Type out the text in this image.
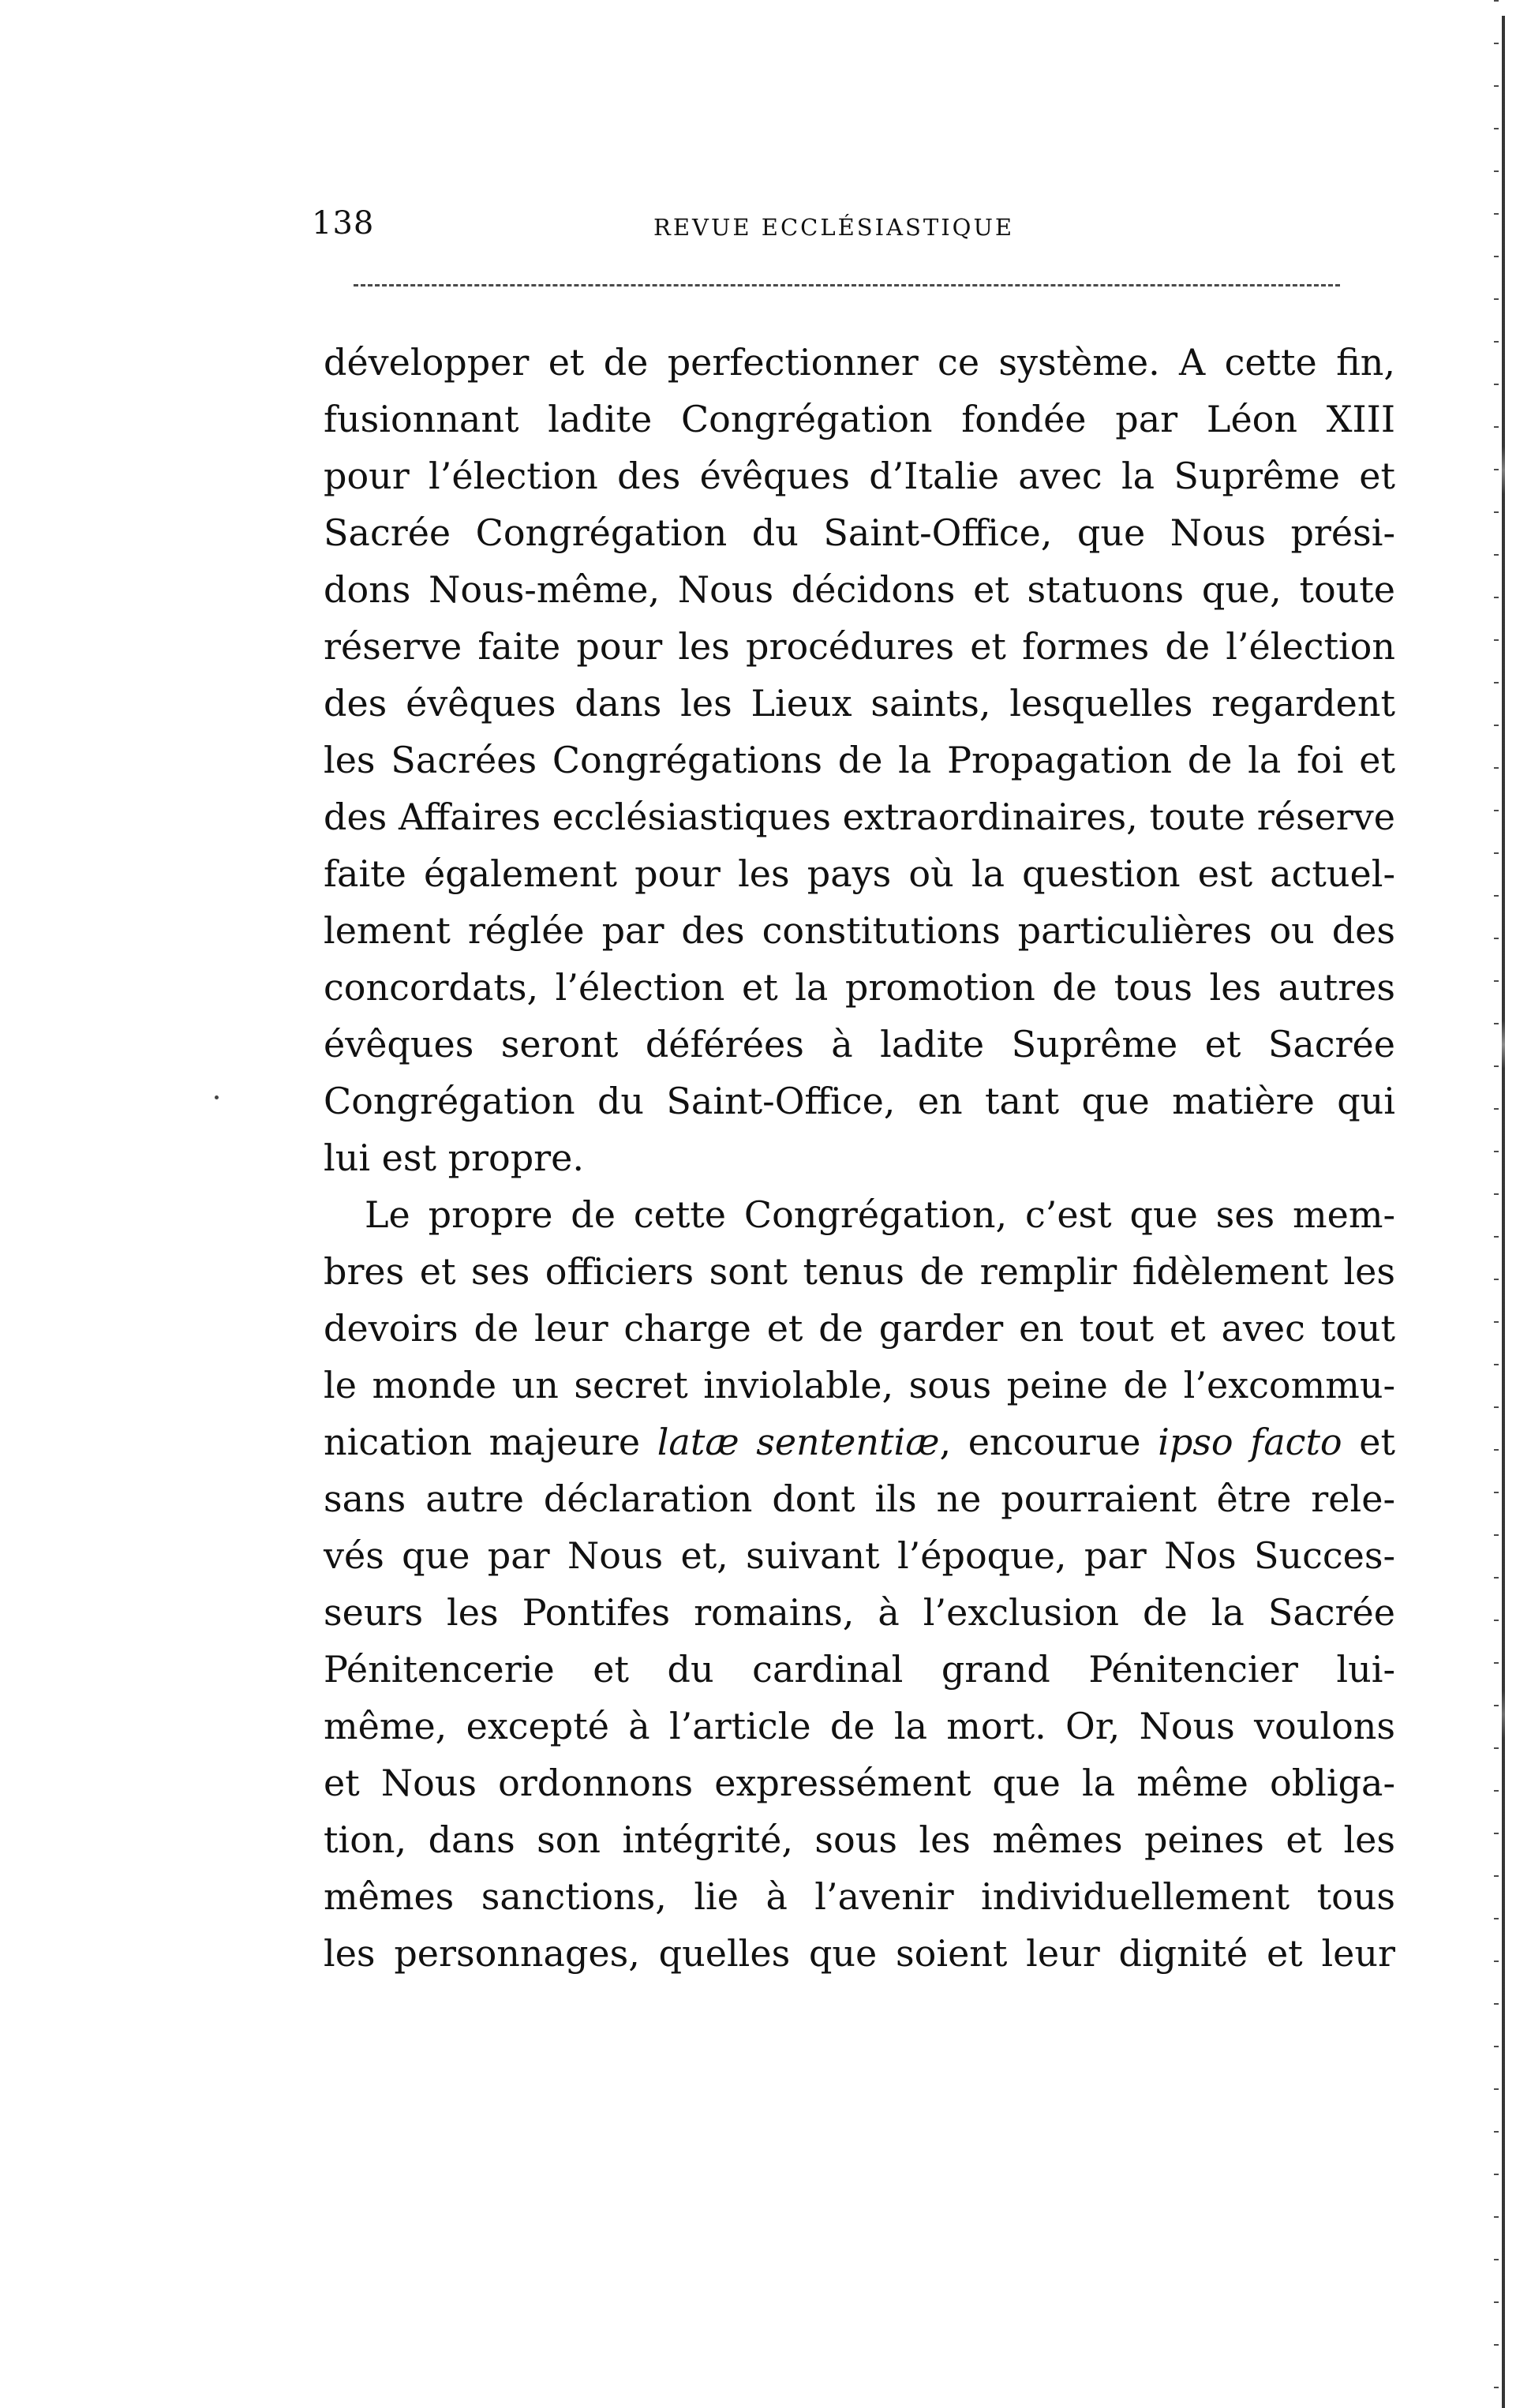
138	REVUE ECCLÉSIASTIQUE
développer et de perfectionner ce système. A cette fin,
fusionnant ladite Congrégation fondée par Léon XIII
pour l’élection des évêques d’Italie avec la Suprême et
Sacrée Congrégation du Saint-Office, que Nous prési-
dons Nous-même, Nous décidons et statuons que, toute
réserve faite pour les procédures et formes de l’élection
des évêques dans les Lieux saints, lesquelles regardent
les Sacrées Congrégations de la Propagation de la foi et
des Affaires ecclésiastiques extraordinaires, toute réserve
faite également pour les pays où la question est actuel-
lement réglée par des constitutions particulières ou des
concordats, l’élection et la promotion de tous les autres
évêques seront déférées à ladite Suprême et Sacrée
Congrégation du Saint-Office, en tant que matière qui
lui est propre.
Le propre de cette Congrégation, c’est que ses mem-
bres et ses officiers sont tenus de remplir fidèlement les
devoirs de leur charge et de garder en tout et avec tout
le monde un secret inviolable, sous peine de l’excommu-
nication majeure latæ sententiæ, encourue ipso facto et
sans autre déclaration dont ils ne pourraient être rele-
vés que par Nous et, suivant l’époque, par Nos Succes-
seurs les Pontifes romains, à l’exclusion de la Sacrée
Pénitencerie et du cardinal grand Pénitencier lui-
même, excepté à l’article de la mort. Or, Nous voulons
et Nous ordonnons expressément que la même obliga-
tion, dans son intégrité, sous les mêmes peines et les
mêmes sanctions, lie à l’avenir individuellement tous
les personnages, quelles que soient leur dignité et leur
